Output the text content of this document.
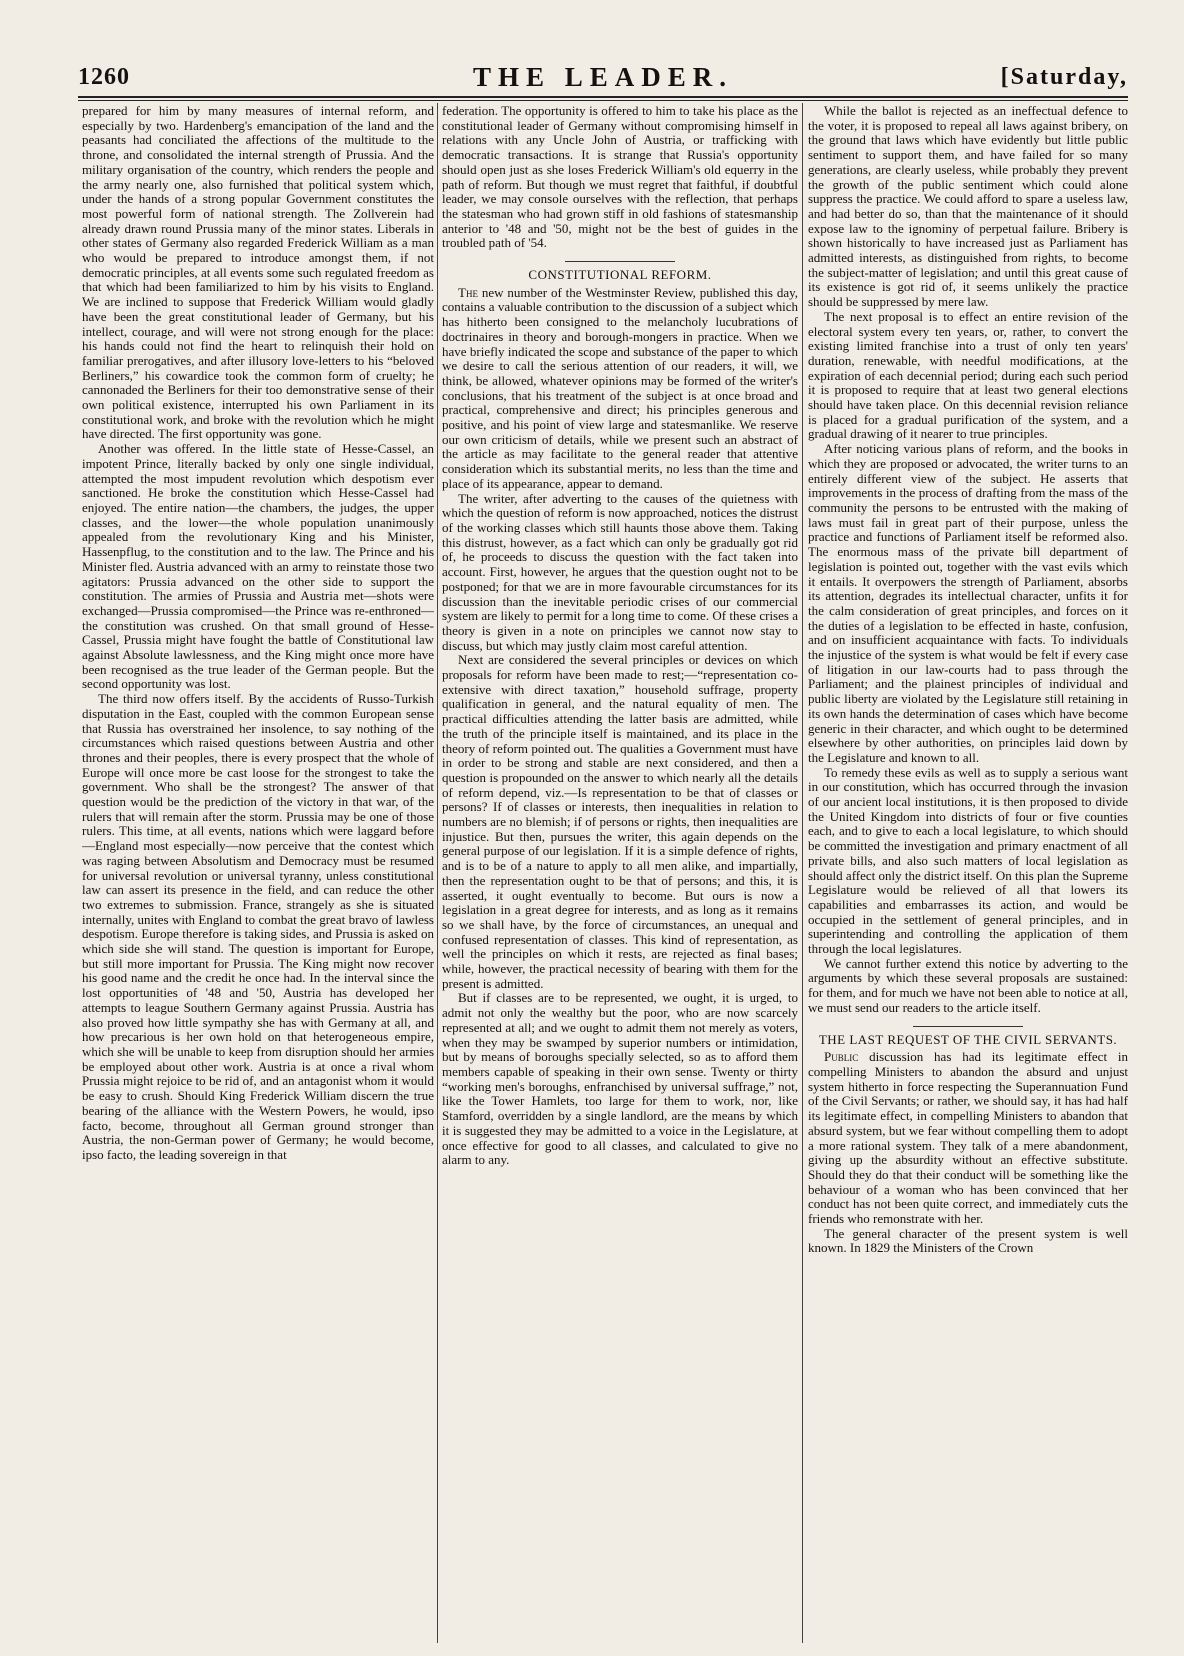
1260	THE LEADER.	[Saturday,

prepared for him by many measures of internal reform, and especially by two. Hardenberg's emancipation of the land and the peasants had conciliated the affections of the multitude to the throne, and consolidated the internal strength of Prussia. And the military organisation of the country, which renders the people and the army nearly one, also furnished that political system which, under the hands of a strong popular Government constitutes the most powerful form of national strength. The Zollverein had already drawn round Prussia many of the minor states. Liberals in other states of Germany also regarded Frederick William as a man who would be prepared to introduce amongst them, if not democratic principles, at all events some such regulated freedom as that which had been familiarized to him by his visits to England. We are inclined to suppose that Frederick William would gladly have been the great constitutional leader of Germany, but his intellect, courage, and will were not strong enough for the place: his hands could not find the heart to relinquish their hold on familiar prerogatives, and after illusory love-letters to his “beloved Berliners,” his cowardice took the common form of cruelty; he cannonaded the Berliners for their too demonstrative sense of their own political existence, interrupted his own Parliament in its constitutional work, and broke with the revolution which he might have directed. The first opportunity was gone.

Another was offered. In the little state of Hesse-Cassel, an impotent Prince, literally backed by only one single individual, attempted the most impudent revolution which despotism ever sanctioned. He broke the constitution which Hesse-Cassel had enjoyed. The entire nation—the chambers, the judges, the upper classes, and the lower—the whole population unanimously appealed from the revolutionary King and his Minister, Hassenpflug, to the constitution and to the law. The Prince and his Minister fled. Austria advanced with an army to reinstate those two agitators: Prussia advanced on the other side to support the constitution. The armies of Prussia and Austria met—shots were exchanged—Prussia compromised—the Prince was re-enthroned—the constitution was crushed. On that small ground of Hesse-Cassel, Prussia might have fought the battle of Constitutional law against Absolute lawlessness, and the King might once more have been recognised as the true leader of the German people. But the second opportunity was lost.

The third now offers itself. By the accidents of Russo-Turkish disputation in the East, coupled with the common European sense that Russia has overstrained her insolence, to say nothing of the circumstances which raised questions between Austria and other thrones and their peoples, there is every prospect that the whole of Europe will once more be cast loose for the strongest to take the government. Who shall be the strongest? The answer of that question would be the prediction of the victory in that war, of the rulers that will remain after the storm. Prussia may be one of those rulers. This time, at all events, nations which were laggard before—England most especially—now perceive that the contest which was raging between Absolutism and Democracy must be resumed for universal revolution or universal tyranny, unless constitutional law can assert its presence in the field, and can reduce the other two extremes to submission. France, strangely as she is situated internally, unites with England to combat the great bravo of lawless despotism. Europe therefore is taking sides, and Prussia is asked on which side she will stand. The question is important for Europe, but still more important for Prussia. The King might now recover his good name and the credit he once had. In the interval since the lost opportunities of '48 and '50, Austria has developed her attempts to league Southern Germany against Prussia. Austria has also proved how little sympathy she has with Germany at all, and how precarious is her own hold on that heterogeneous empire, which she will be unable to keep from disruption should her armies be employed about other work. Austria is at once a rival whom Prussia might rejoice to be rid of, and an antagonist whom it would be easy to crush. Should King Frederick William discern the true bearing of the alliance with the Western Powers, he would, ipso facto, become, throughout all German ground stronger than Austria, the non-German power of Germany; he would become, ipso facto, the leading sovereign in that

federation. The opportunity is offered to him to take his place as the constitutional leader of Germany without compromising himself in relations with any Uncle John of Austria, or trafficking with democratic transactions. It is strange that Russia's opportunity should open just as she loses Frederick William's old equerry in the path of reform. But though we must regret that faithful, if doubtful leader, we may console ourselves with the reflection, that perhaps the statesman who had grown stiff in old fashions of statesmanship anterior to '48 and '50, might not be the best of guides in the troubled path of '54.

CONSTITUTIONAL REFORM.

The new number of the Westminster Review, published this day, contains a valuable contribution to the discussion of a subject which has hitherto been consigned to the melancholy lucubrations of doctrinaires in theory and borough-mongers in practice. When we have briefly indicated the scope and substance of the paper to which we desire to call the serious attention of our readers, it will, we think, be allowed, whatever opinions may be formed of the writer's conclusions, that his treatment of the subject is at once broad and practical, comprehensive and direct; his principles generous and positive, and his point of view large and statesmanlike. We reserve our own criticism of details, while we present such an abstract of the article as may facilitate to the general reader that attentive consideration which its substantial merits, no less than the time and place of its appearance, appear to demand.

The writer, after adverting to the causes of the quietness with which the question of reform is now approached, notices the distrust of the working classes which still haunts those above them. Taking this distrust, however, as a fact which can only be gradually got rid of, he proceeds to discuss the question with the fact taken into account. First, however, he argues that the question ought not to be postponed; for that we are in more favourable circumstances for its discussion than the inevitable periodic crises of our commercial system are likely to permit for a long time to come. Of these crises a theory is given in a note on principles we cannot now stay to discuss, but which may justly claim most careful attention.

Next are considered the several principles or devices on which proposals for reform have been made to rest;—“representation co-extensive with direct taxation,” household suffrage, property qualification in general, and the natural equality of men. The practical difficulties attending the latter basis are admitted, while the truth of the principle itself is maintained, and its place in the theory of reform pointed out. The qualities a Government must have in order to be strong and stable are next considered, and then a question is propounded on the answer to which nearly all the details of reform depend, viz.—Is representation to be that of classes or persons? If of classes or interests, then inequalities in relation to numbers are no blemish; if of persons or rights, then inequalities are injustice. But then, pursues the writer, this again depends on the general purpose of our legislation. If it is a simple defence of rights, and is to be of a nature to apply to all men alike, and impartially, then the representation ought to be that of persons; and this, it is asserted, it ought eventually to become. But ours is now a legislation in a great degree for interests, and as long as it remains so we shall have, by the force of circumstances, an unequal and confused representation of classes. This kind of representation, as well the principles on which it rests, are rejected as final bases; while, however, the practical necessity of bearing with them for the present is admitted.

But if classes are to be represented, we ought, it is urged, to admit not only the wealthy but the poor, who are now scarcely represented at all; and we ought to admit them not merely as voters, when they may be swamped by superior numbers or intimidation, but by means of boroughs specially selected, so as to afford them members capable of speaking in their own sense. Twenty or thirty “working men's boroughs, enfranchised by universal suffrage,” not, like the Tower Hamlets, too large for them to work, nor, like Stamford, overridden by a single landlord, are the means by which it is suggested they may be admitted to a voice in the Legislature, at once effective for good to all classes, and calculated to give no alarm to any.

While the ballot is rejected as an ineffectual defence to the voter, it is proposed to repeal all laws against bribery, on the ground that laws which have evidently but little public sentiment to support them, and have failed for so many generations, are clearly useless, while probably they prevent the growth of the public sentiment which could alone suppress the practice. We could afford to spare a useless law, and had better do so, than that the maintenance of it should expose law to the ignominy of perpetual failure. Bribery is shown historically to have increased just as Parliament has admitted interests, as distinguished from rights, to become the subject-matter of legislation; and until this great cause of its existence is got rid of, it seems unlikely the practice should be suppressed by mere law.

The next proposal is to effect an entire revision of the electoral system every ten years, or, rather, to convert the existing limited franchise into a trust of only ten years' duration, renewable, with needful modifications, at the expiration of each decennial period; during each such period it is proposed to require that at least two general elections should have taken place. On this decennial revision reliance is placed for a gradual purification of the system, and a gradual drawing of it nearer to true principles.

After noticing various plans of reform, and the books in which they are proposed or advocated, the writer turns to an entirely different view of the subject. He asserts that improvements in the process of drafting from the mass of the community the persons to be entrusted with the making of laws must fail in great part of their purpose, unless the practice and functions of Parliament itself be reformed also. The enormous mass of the private bill department of legislation is pointed out, together with the vast evils which it entails. It overpowers the strength of Parliament, absorbs its attention, degrades its intellectual character, unfits it for the calm consideration of great principles, and forces on it the duties of a legislation to be effected in haste, confusion, and on insufficient acquaintance with facts. To individuals the injustice of the system is what would be felt if every case of litigation in our law-courts had to pass through the Parliament; and the plainest principles of individual and public liberty are violated by the Legislature still retaining in its own hands the determination of cases which have become generic in their character, and which ought to be determined elsewhere by other authorities, on principles laid down by the Legislature and known to all.

To remedy these evils as well as to supply a serious want in our constitution, which has occurred through the invasion of our ancient local institutions, it is then proposed to divide the United Kingdom into districts of four or five counties each, and to give to each a local legislature, to which should be committed the investigation and primary enactment of all private bills, and also such matters of local legislation as should affect only the district itself. On this plan the Supreme Legislature would be relieved of all that lowers its capabilities and embarrasses its action, and would be occupied in the settlement of general principles, and in superintending and controlling the application of them through the local legislatures.

We cannot further extend this notice by adverting to the arguments by which these several proposals are sustained: for them, and for much we have not been able to notice at all, we must send our readers to the article itself.

THE LAST REQUEST OF THE CIVIL SERVANTS.

Public discussion has had its legitimate effect in compelling Ministers to abandon the absurd and unjust system hitherto in force respecting the Superannuation Fund of the Civil Servants; or rather, we should say, it has had half its legitimate effect, in compelling Ministers to abandon that absurd system, but we fear without compelling them to adopt a more rational system. They talk of a mere abandonment, giving up the absurdity without an effective substitute. Should they do that their conduct will be something like the behaviour of a woman who has been convinced that her conduct has not been quite correct, and immediately cuts the friends who remonstrate with her.

The general character of the present system is well known. In 1829 the Ministers of the Crown
